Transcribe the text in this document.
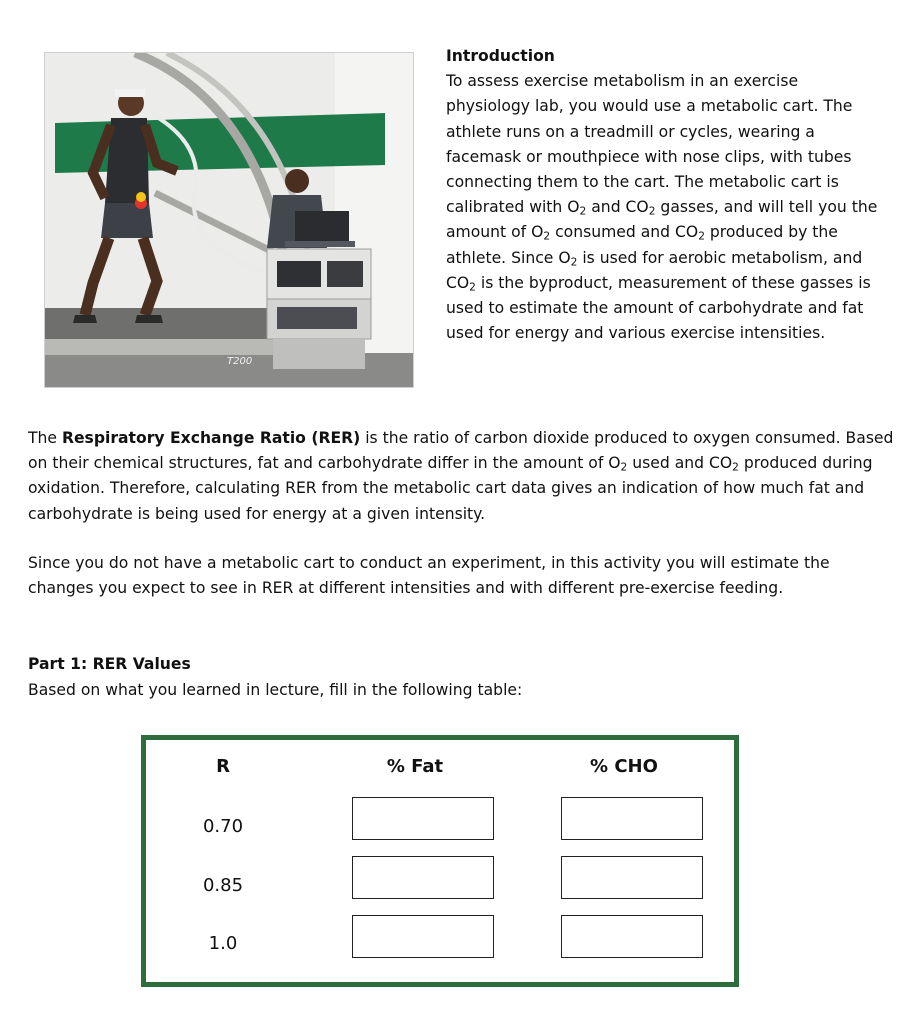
T200
Introduction
To assess exercise metabolism in an exercise physiology lab, you would use a metabolic cart. The athlete runs on a treadmill or cycles, wearing a facemask or mouthpiece with nose clips, with tubes connecting them to the cart. The metabolic cart is calibrated with $O_2$ and $CO_2$ gasses, and will tell you the amount of $O_2$ consumed and $CO_2$ produced by the athlete. Since $O_2$ is used for aerobic metabolism, and $CO_2$ is the byproduct, measurement of these gasses is used to estimate the amount of carbohydrate and fat used for energy and various exercise intensities.
The Respiratory Exchange Ratio (RER) is the ratio of carbon dioxide produced to oxygen consumed. Based on their chemical structures, fat and carbohydrate differ in the amount of $O_2$ used and $CO_2$ produced during oxidation. Therefore, calculating RER from the metabolic cart data gives an indication of how much fat and carbohydrate is being used for energy at a given intensity.
Since you do not have a metabolic cart to conduct an experiment, in this activity you will estimate the changes you expect to see in RER at different intensities and with different pre-exercise feeding.
Part 1: RER Values
Based on what you learned in lecture, fill in the following table:
R	% Fat	% CHO
0.70
0.85
1.0
